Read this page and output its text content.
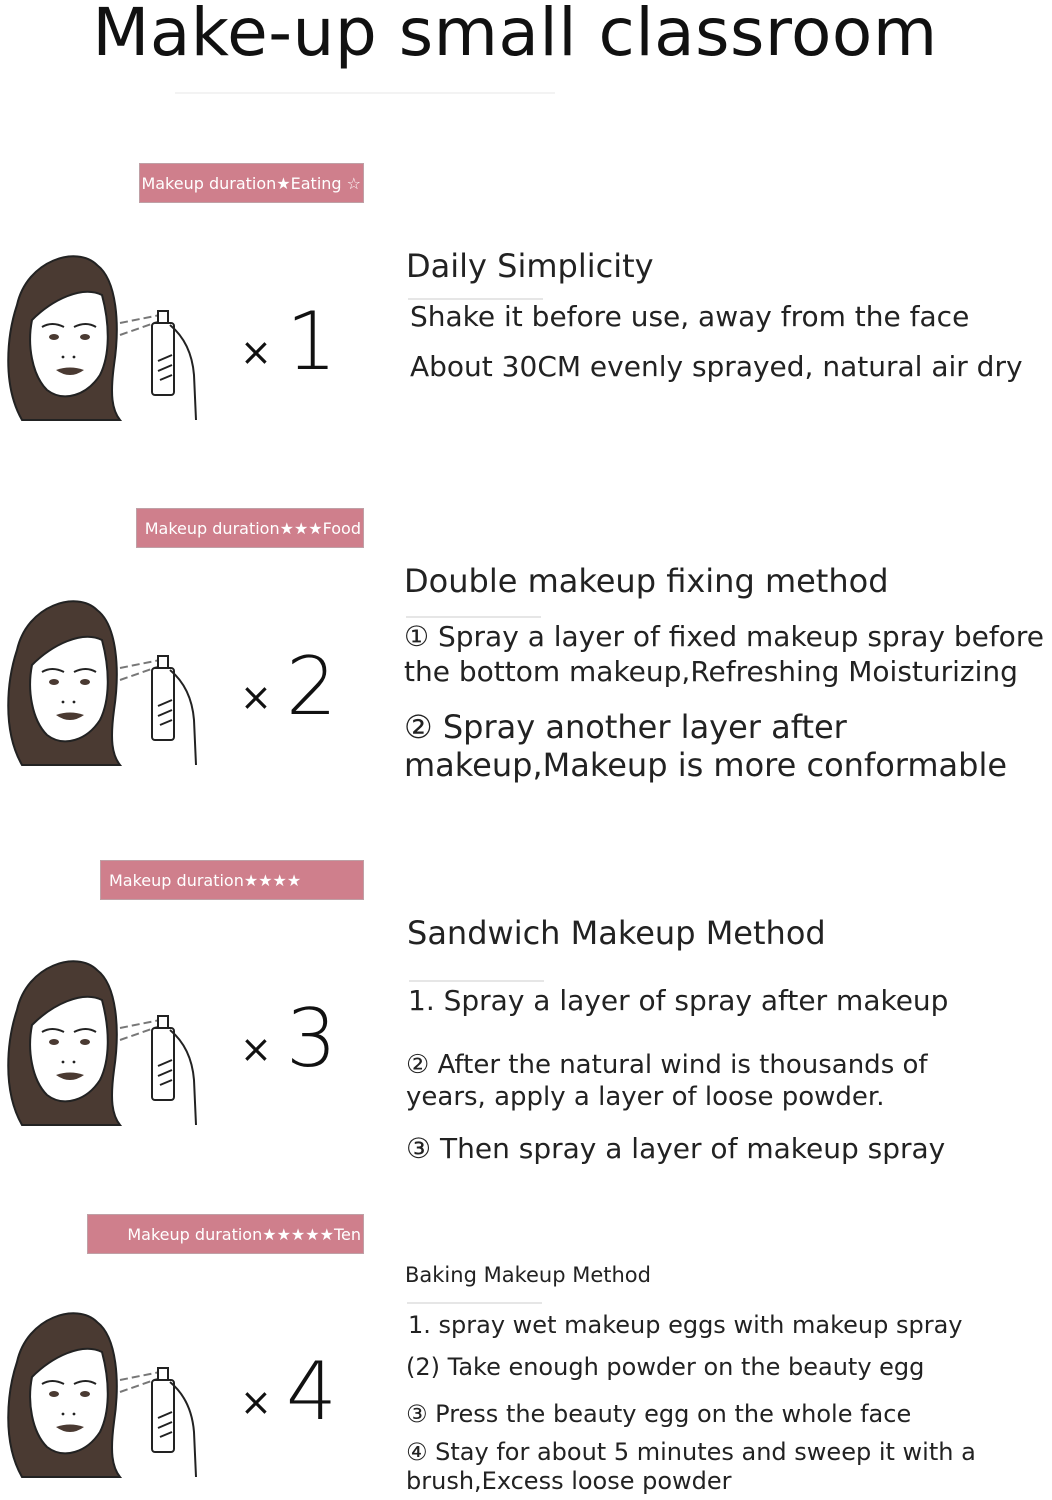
Make-up small classroom
Makeup duration★Eating ☆
× 1
Daily Simplicity
Shake it before use, away from the face
About 30CM evenly sprayed, natural air dry
Makeup duration★★★Food
× 2
Double makeup fixing method
① Spray a layer of fixed makeup spray before
the bottom makeup,Refreshing Moisturizing
② Spray another layer after
makeup,Makeup is more conformable
Makeup duration★★★★
× 3
Sandwich Makeup Method
1. Spray a layer of spray after makeup
② After the natural wind is thousands of
years, apply a layer of loose powder.
③ Then spray a layer of makeup spray
Makeup duration★★★★★Ten
× 4
Baking Makeup Method
1. spray wet makeup eggs with makeup spray
(2) Take enough powder on the beauty egg
③ Press the beauty egg on the whole face
④ Stay for about 5 minutes and sweep it with a
brush,Excess loose powder
